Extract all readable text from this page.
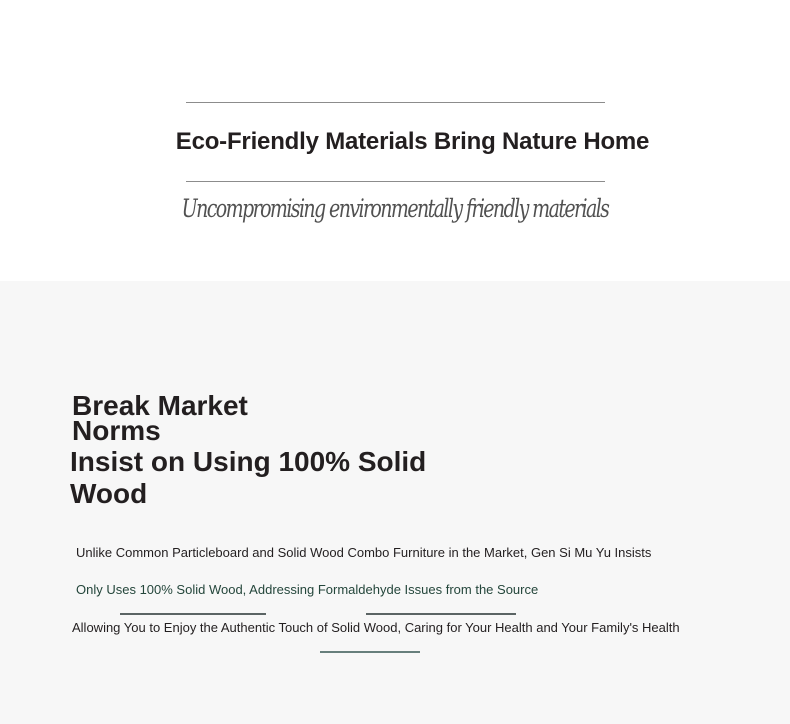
Eco-Friendly Materials Bring Nature Home
Uncompromising environmentally friendly materials
Break Market Norms
Insist on Using 100% Solid Wood
Unlike Common Particleboard and Solid Wood Combo Furniture in the Market, Gen Si Mu Yu Insists
Only Uses 100% Solid Wood, Addressing Formaldehyde Issues from the Source
Allowing You to Enjoy the Authentic Touch of Solid Wood, Caring for Your Health and Your Family's Health
